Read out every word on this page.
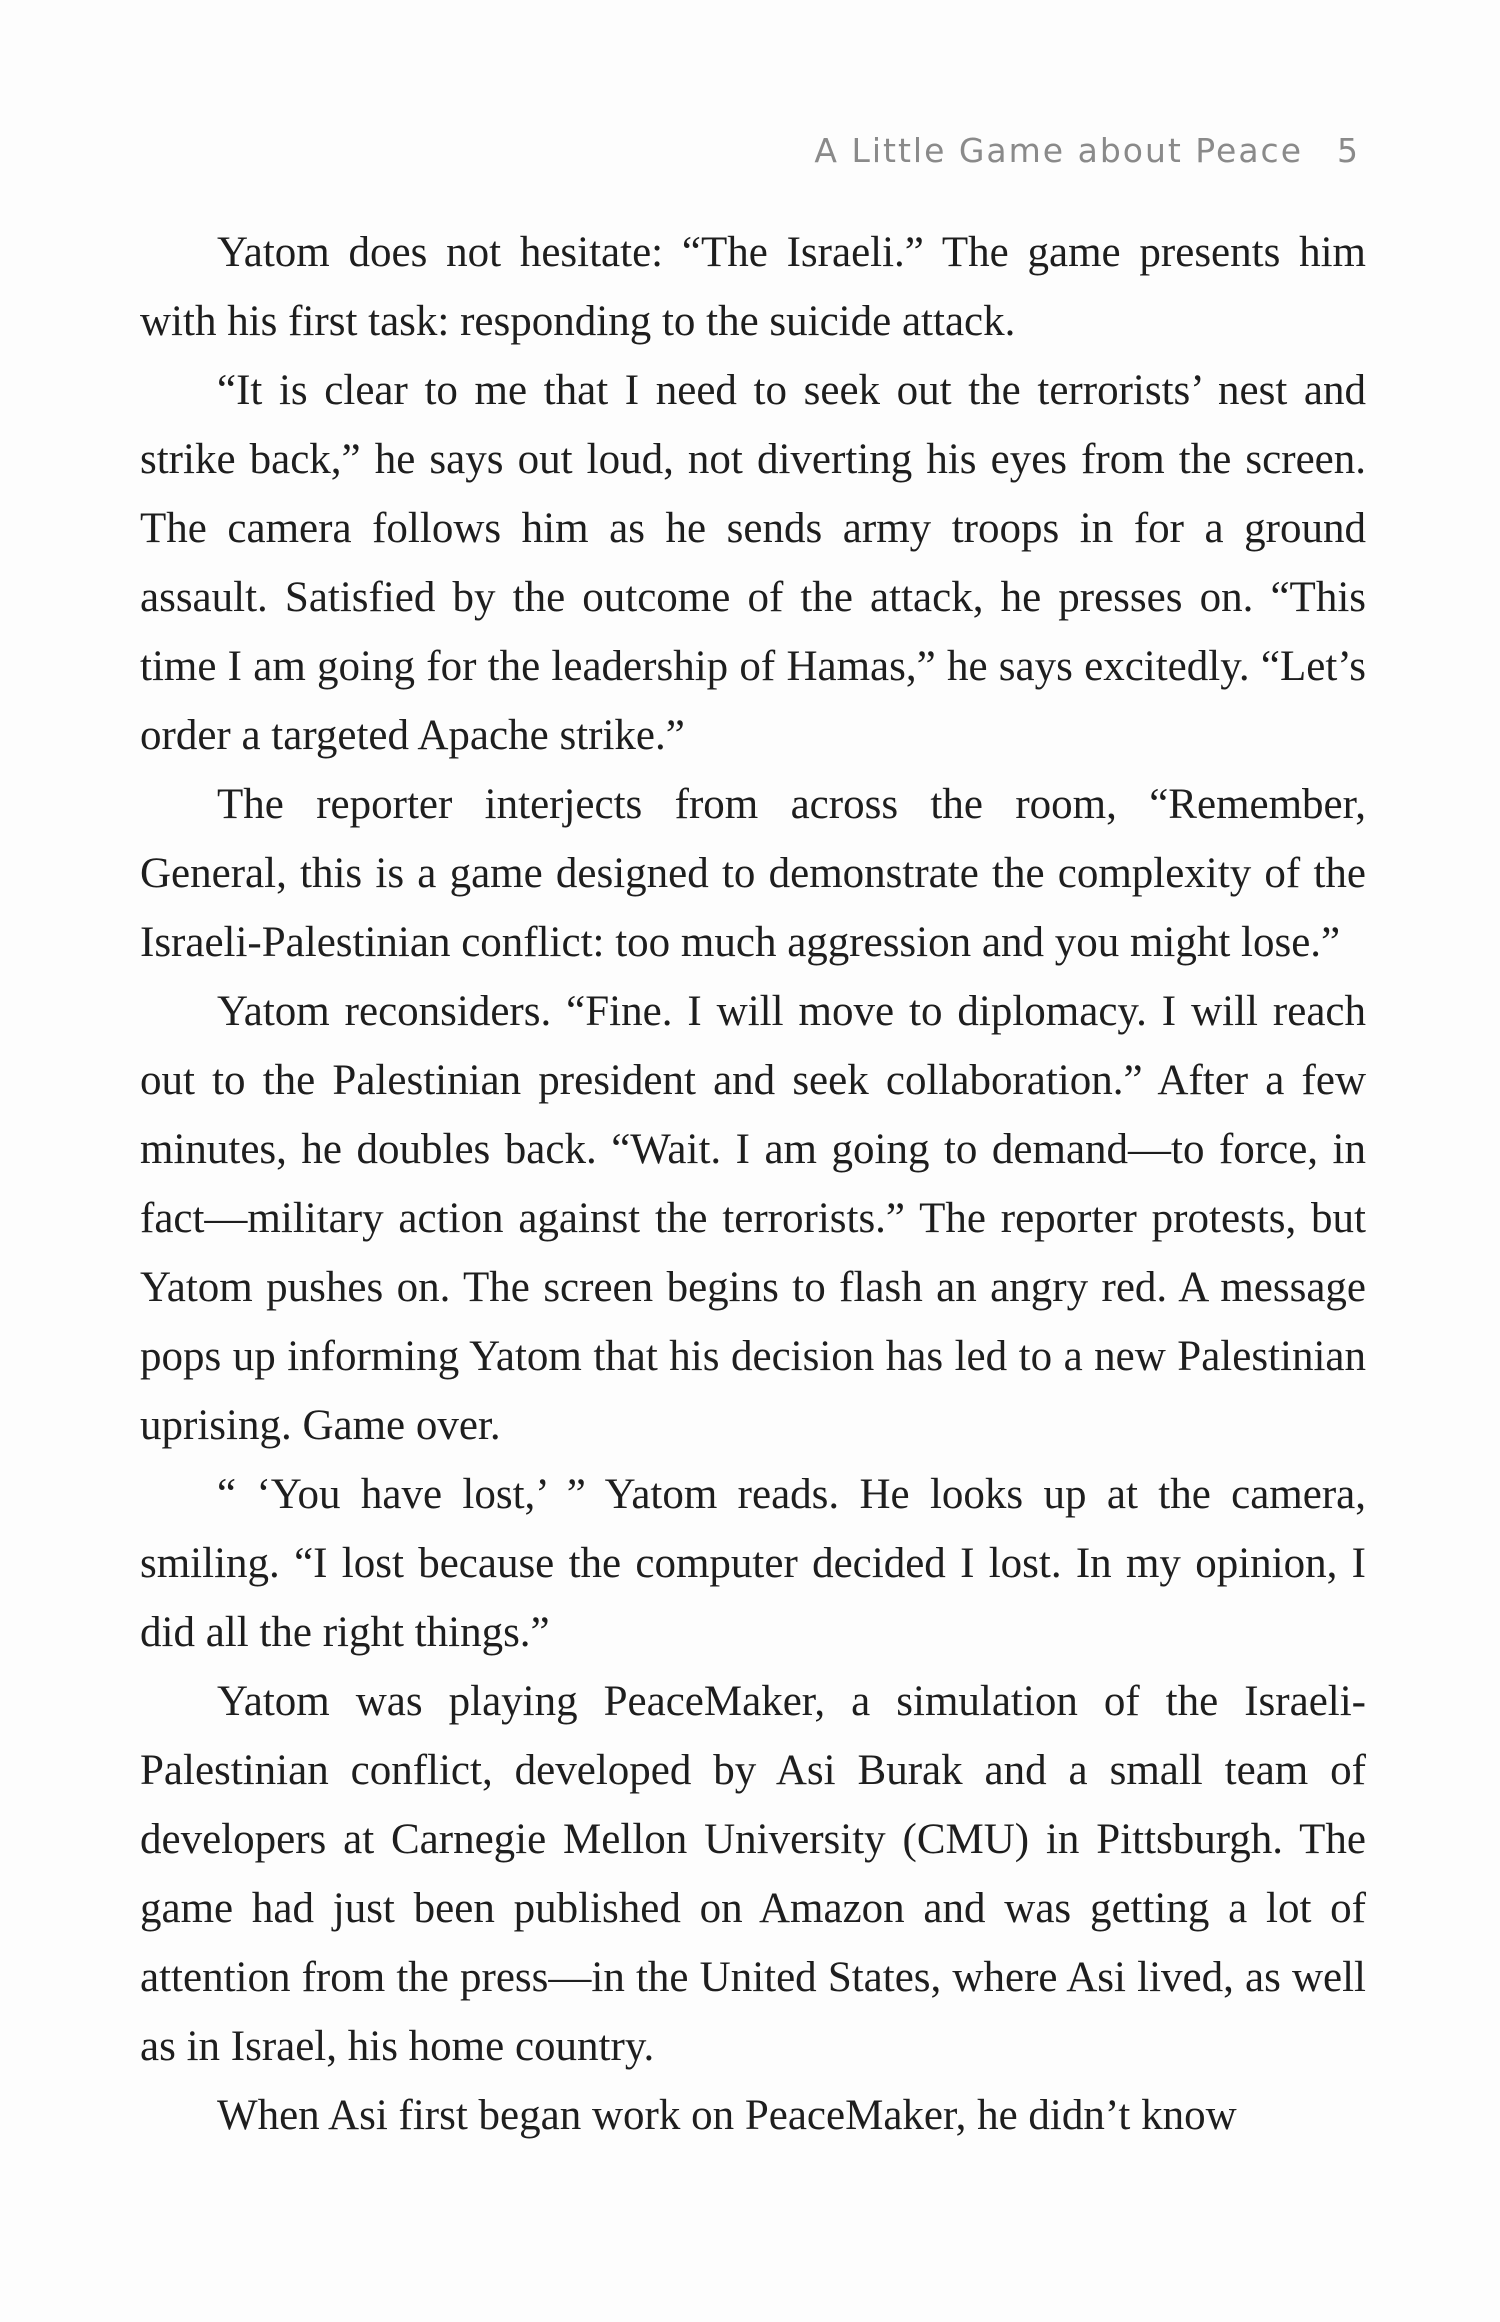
A Little Game about Peace 5

Yatom does not hesitate: “The Israeli.” The game presents him with his first task: responding to the suicide attack.

“It is clear to me that I need to seek out the terrorists’ nest and strike back,” he says out loud, not diverting his eyes from the screen. The camera follows him as he sends army troops in for a ground assault. Satisfied by the outcome of the attack, he presses on. “This time I am going for the leadership of Hamas,” he says excitedly. “Let’s order a targeted Apache strike.”

The reporter interjects from across the room, “Remember, General, this is a game designed to demonstrate the complexity of the Israeli-Palestinian conflict: too much aggression and you might lose.”

Yatom reconsiders. “Fine. I will move to diplomacy. I will reach out to the Palestinian president and seek collaboration.” After a few minutes, he doubles back. “Wait. I am going to demand—to force, in fact—military action against the terrorists.” The reporter protests, but Yatom pushes on. The screen begins to flash an angry red. A message pops up informing Yatom that his decision has led to a new Palestinian uprising. Game over.

“ ‘You have lost,’ ” Yatom reads. He looks up at the camera, smiling. “I lost because the computer decided I lost. In my opinion, I did all the right things.”

Yatom was playing PeaceMaker, a simulation of the Israeli-Palestinian conflict, developed by Asi Burak and a small team of developers at Carnegie Mellon University (CMU) in Pittsburgh. The game had just been published on Amazon and was getting a lot of attention from the press—in the United States, where Asi lived, as well as in Israel, his home country.

When Asi first began work on PeaceMaker, he didn’t know
